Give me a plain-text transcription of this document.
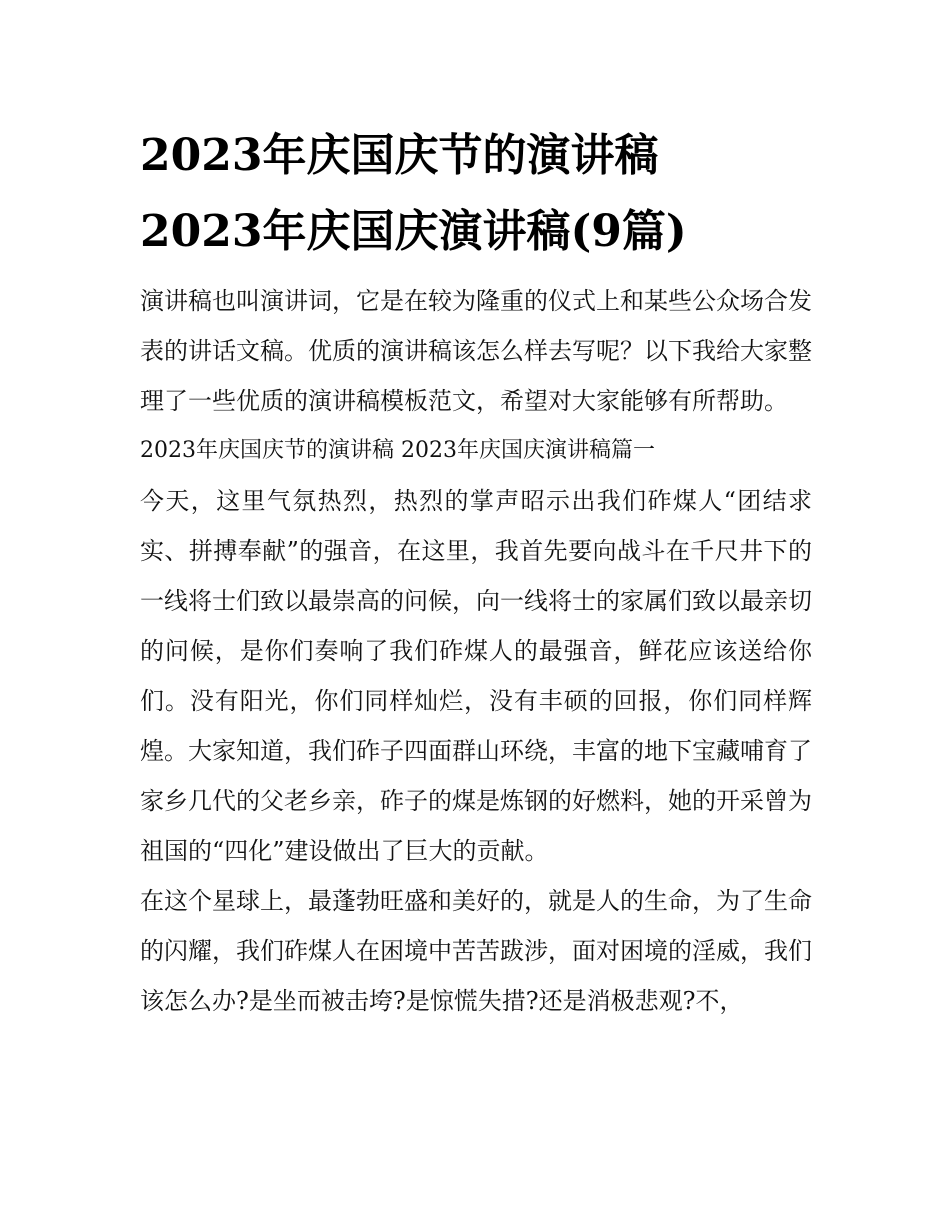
2023年庆国庆节的演讲稿
2023年庆国庆演讲稿(9篇)

演讲稿也叫演讲词，它是在较为隆重的仪式上和某些公众场合发表的讲话文稿。优质的演讲稿该怎么样去写呢？以下我给大家整理了一些优质的演讲稿模板范文，希望对大家能够有所帮助。

2023年庆国庆节的演讲稿 2023年庆国庆演讲稿篇一

今天，这里气氛热烈，热烈的掌声昭示出我们砟煤人“团结求实、拼搏奉献”的强音，在这里，我首先要向战斗在千尺井下的一线将士们致以最崇高的问候，向一线将士的家属们致以最亲切的问候，是你们奏响了我们砟煤人的最强音，鲜花应该送给你们。没有阳光，你们同样灿烂，没有丰硕的回报，你们同样辉煌。大家知道，我们砟子四面群山环绕，丰富的地下宝藏哺育了家乡几代的父老乡亲，砟子的煤是炼钢的好燃料，她的开采曾为祖国的“四化”建设做出了巨大的贡献。

在这个星球上，最蓬勃旺盛和美好的，就是人的生命，为了生命的闪耀，我们砟煤人在困境中苦苦跋涉，面对困境的淫威，我们该怎么办?是坐而被击垮?是惊慌失措?还是消极悲观?不，
